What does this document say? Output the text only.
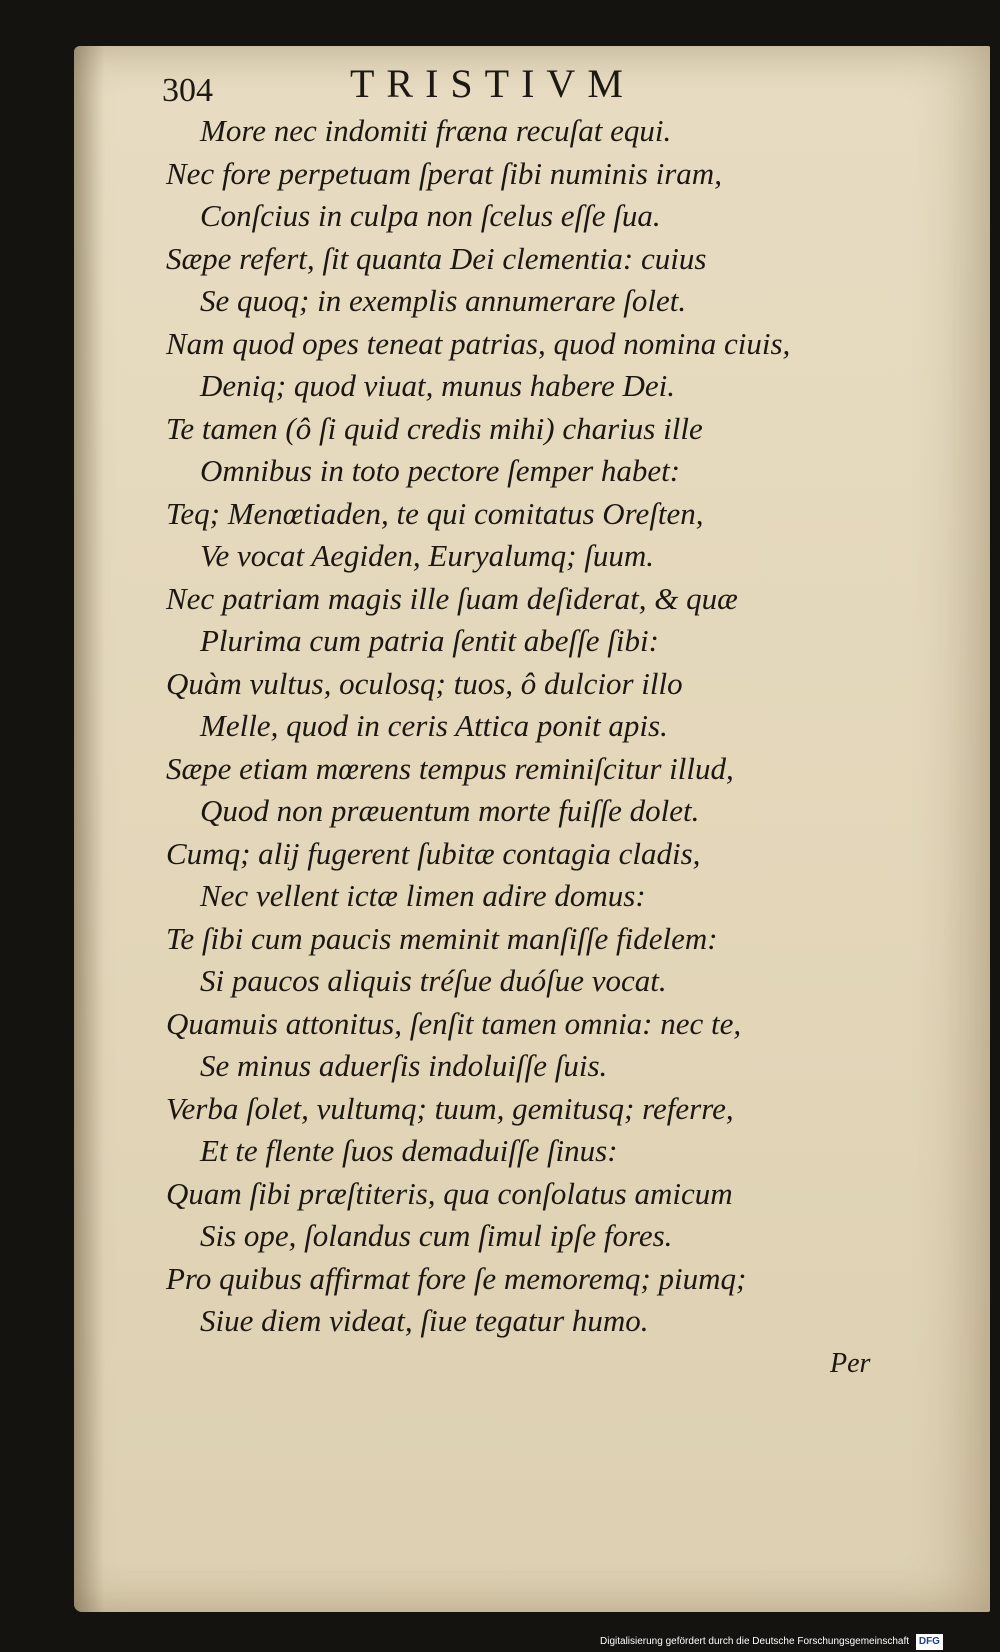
304	TRISTIVM
More nec indomiti fræna recuſat equi.
Nec fore perpetuam ſperat ſibi numinis iram,
Conſcius in culpa non ſcelus eſſe ſua.
Sæpe refert, ſit quanta Dei clementia: cuius
Se quoq; in exemplis annumerare ſolet.
Nam quod opes teneat patrias, quod nomina ciuis,
Deniq; quod viuat, munus habere Dei.
Te tamen (ô ſi quid credis mihi) charius ille
Omnibus in toto pectore ſemper habet:
Teq; Menœtiaden, te qui comitatus Oreſten,
Ve vocat Aegiden, Euryalumq; ſuum.
Nec patriam magis ille ſuam deſiderat, & quæ
Plurima cum patria ſentit abeſſe ſibi:
Quàm vultus, oculosq; tuos, ô dulcior illo
Melle, quod in ceris Attica ponit apis.
Sæpe etiam mœrens tempus reminiſcitur illud,
Quod non præuentum morte fuiſſe dolet.
Cumq; alij fugerent ſubitæ contagia cladis,
Nec vellent ictæ limen adire domus:
Te ſibi cum paucis meminit manſiſſe fidelem:
Si paucos aliquis tréſue duóſue vocat.
Quamuis attonitus, ſenſit tamen omnia: nec te,
Se minus aduerſis indoluiſſe ſuis.
Verba ſolet, vultumq; tuum, gemitusq; referre,
Et te flente ſuos demaduiſſe ſinus:
Quam ſibi præſtiteris, qua conſolatus amicum
Sis ope, ſolandus cum ſimul ipſe fores.
Pro quibus affirmat fore ſe memoremq; piumq;
Siue diem videat, ſiue tegatur humo.
Per
Digitalisierung gefördert durch die Deutsche Forschungsgemeinschaft DFG
